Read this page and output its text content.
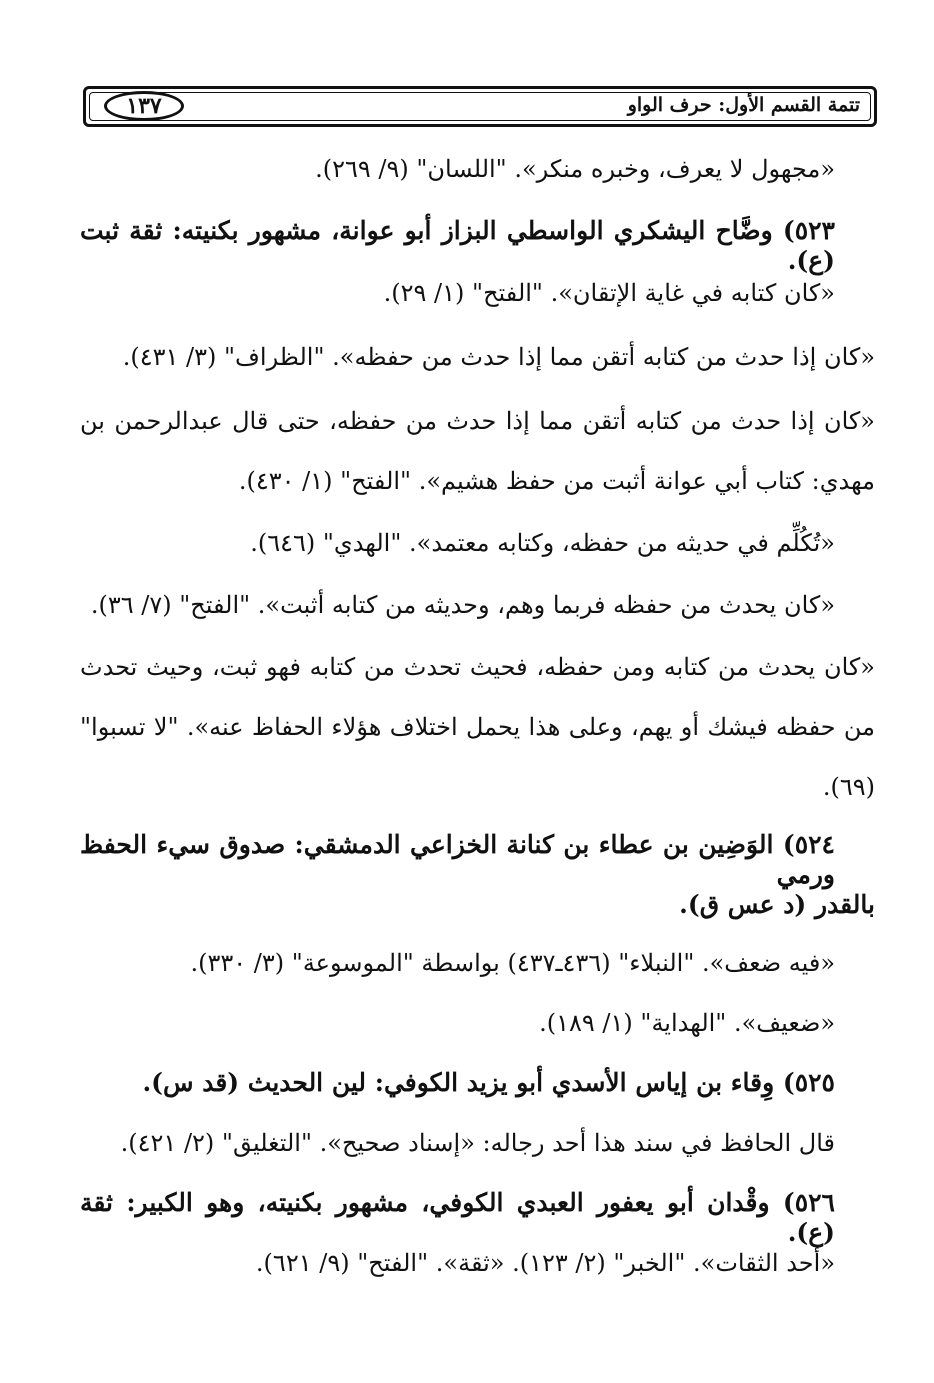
١٣٧	تتمة القسم الأول: حرف الواو
«مجهول لا يعرف، وخبره منكر». "اللسان" (٩/ ٢٦٩).
٥٢٣) وضَّاح اليشكري الواسطي البزاز أبو عوانة، مشهور بكنيته: ثقة ثبت (ع).
«كان كتابه في غاية الإتقان». "الفتح" (١/ ٢٩).
«كان إذا حدث من كتابه أتقن مما إذا حدث من حفظه». "الظراف" (٣/ ٤٣١).
«كان إذا حدث من كتابه أتقن مما إذا حدث من حفظه، حتى قال عبدالرحمن بن
مهدي: كتاب أبي عوانة أثبت من حفظ هشيم». "الفتح" (١/ ٤٣٠).
«تُكُلِّم في حديثه من حفظه، وكتابه معتمد». "الهدي" (٦٤٦).
«كان يحدث من حفظه فربما وهم، وحديثه من كتابه أثبت». "الفتح" (٧/ ٣٦).
«كان يحدث من كتابه ومن حفظه، فحيث تحدث من كتابه فهو ثبت، وحيث تحدث
من حفظه فيشك أو يهم، وعلى هذا يحمل اختلاف هؤلاء الحفاظ عنه». "لا تسبوا"
(٦٩).
٥٢٤) الوَضِين بن عطاء بن كنانة الخزاعي الدمشقي: صدوق سيء الحفظ ورمي
بالقدر (د عس ق).
«فيه ضعف». "النبلاء" (٤٣٦ـ٤٣٧) بواسطة "الموسوعة" (٣/ ٣٣٠).
«ضعيف». "الهداية" (١/ ١٨٩).
٥٢٥) وِقاء بن إياس الأسدي أبو يزيد الكوفي: لين الحديث (قد س).
قال الحافظ في سند هذا أحد رجاله: «إسناد صحيح». "التغليق" (٢/ ٤٢١).
٥٢٦) وقْدان أبو يعفور العبدي الكوفي، مشهور بكنيته، وهو الكبير: ثقة (ع).
«أحد الثقات». "الخبر" (٢/ ١٢٣). «ثقة». "الفتح" (٩/ ٦٢١).
